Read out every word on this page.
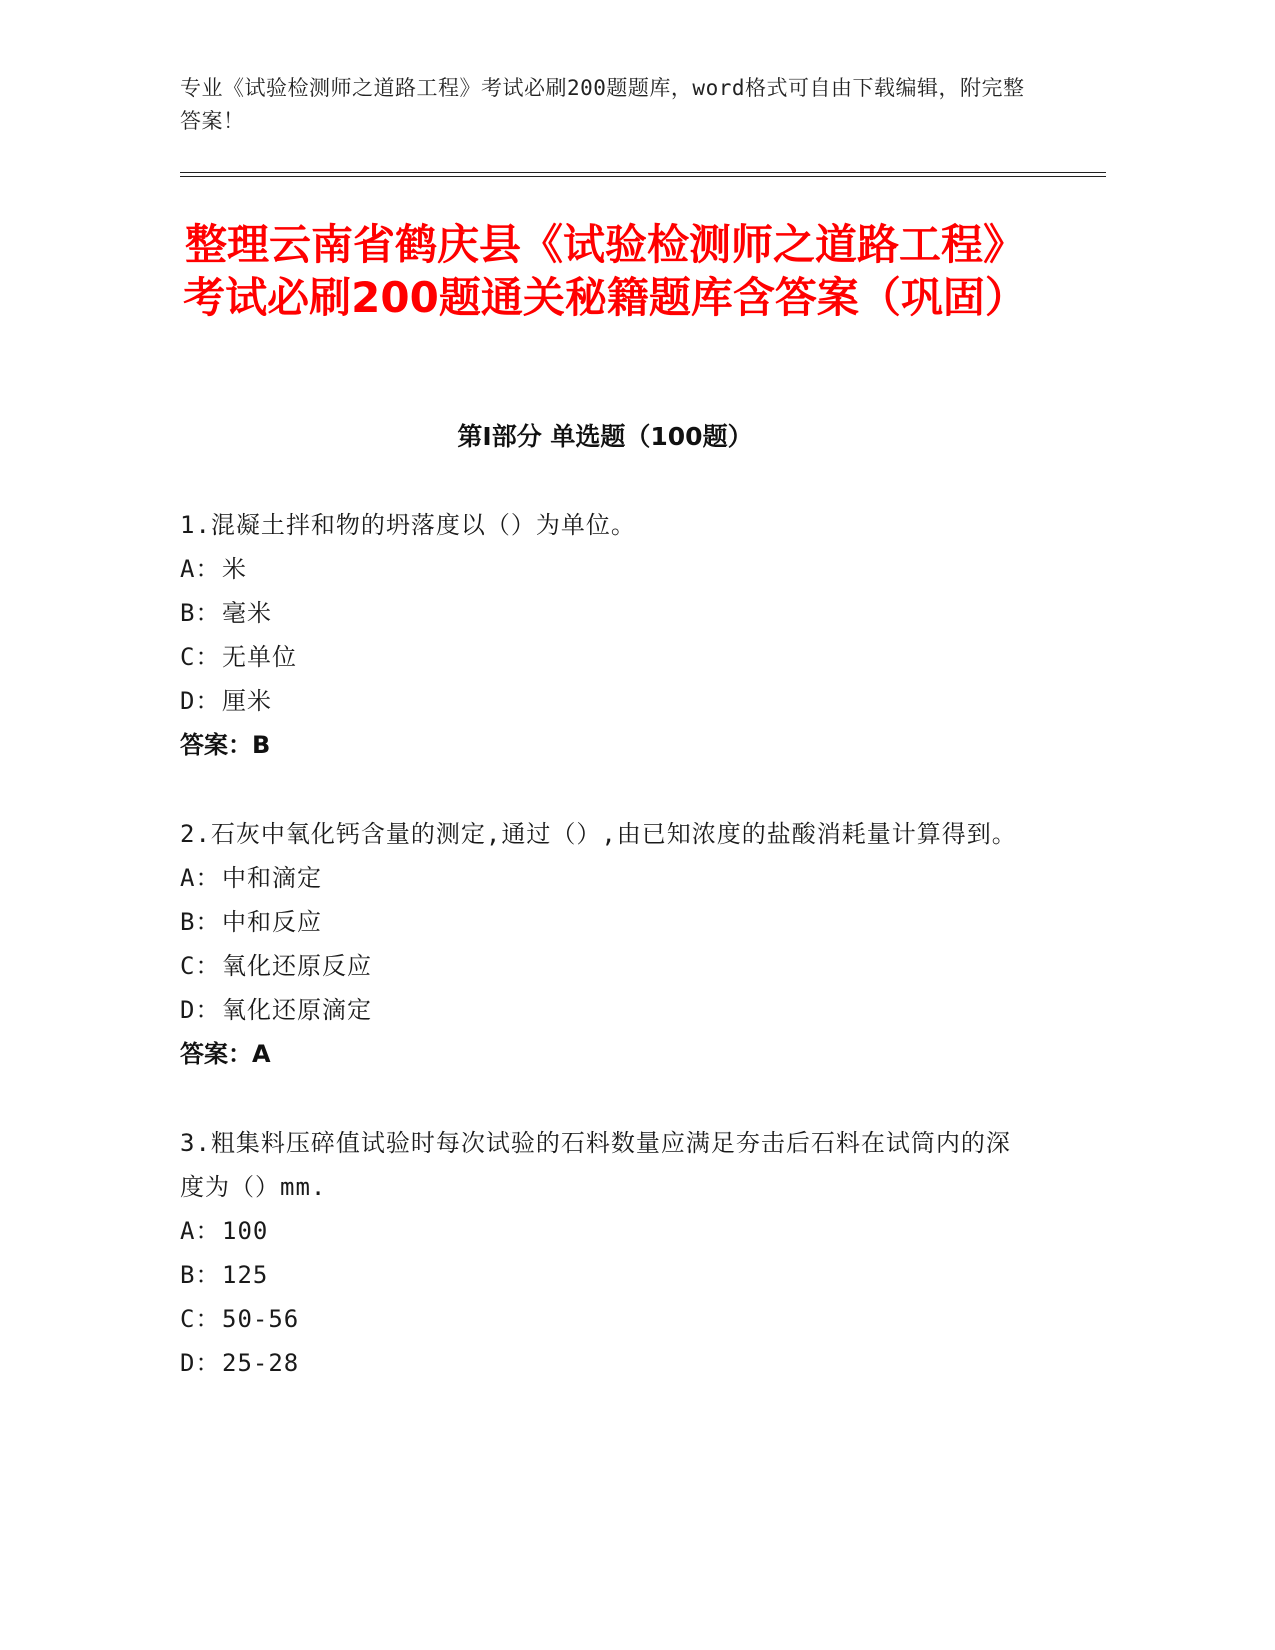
专业《试验检测师之道路工程》考试必刷200题题库，word格式可自由下载编辑，附完整答案！
整理云南省鹤庆县《试验检测师之道路工程》考试必刷200题通关秘籍题库含答案（巩固）
第Ⅰ部分 单选题（100题）
1.混凝土拌和物的坍落度以（）为单位。
A： 米
B： 毫米
C： 无单位
D： 厘米
答案：B
2.石灰中氧化钙含量的测定,通过（）,由已知浓度的盐酸消耗量计算得到。
A： 中和滴定
B： 中和反应
C： 氧化还原反应
D： 氧化还原滴定
答案：A
3.粗集料压碎值试验时每次试验的石料数量应满足夯击后石料在试筒内的深度为（）mm.
A： 100
B： 125
C： 50-56
D： 25-28
